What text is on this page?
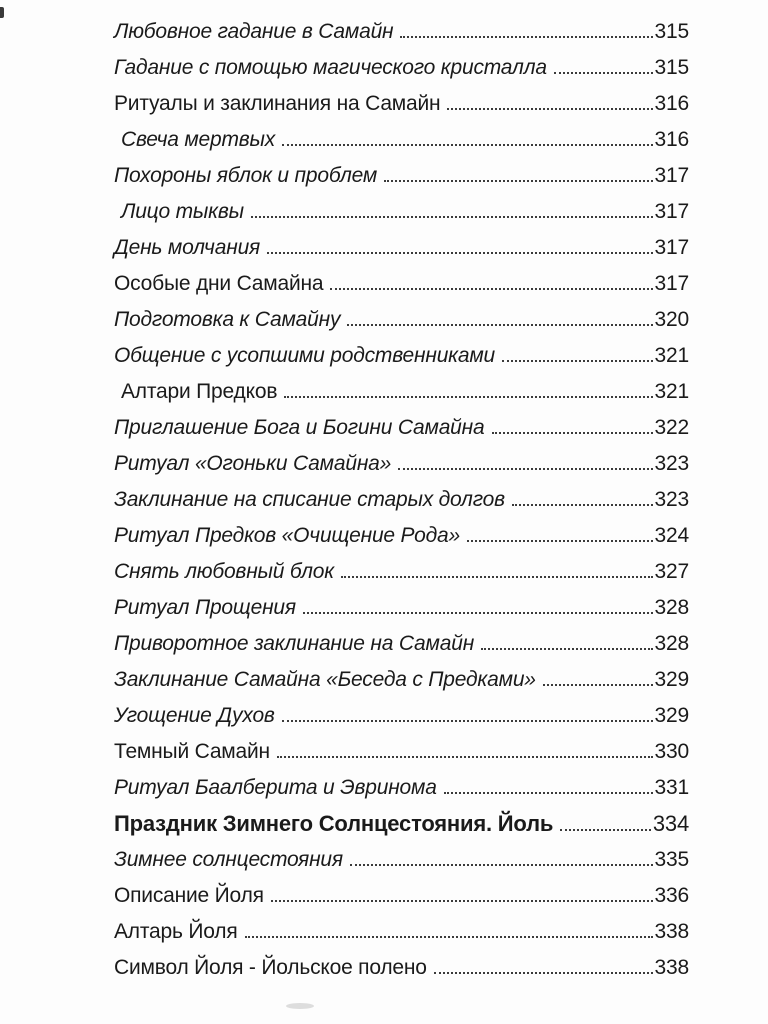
Любовное гадание в Самайн	315
Гадание с помощью магического кристалла	315
Ритуалы и заклинания на Самайн	316
Свеча мертвых	316
Похороны яблок и проблем	317
Лицо тыквы	317
День молчания	317
Особые дни Самайна	317
Подготовка к Самайну	320
Общение с усопшими родственниками	321
Алтари Предков	321
Приглашение Бога и Богини Самайна	322
Ритуал «Огоньки Самайна»	323
Заклинание на списание старых долгов	323
Ритуал Предков «Очищение Рода»	324
Снять любовный блок	327
Ритуал Прощения	328
Приворотное заклинание на Самайн	328
Заклинание Самайна «Беседа с Предками»	329
Угощение Духов	329
Темный Самайн	330
Ритуал Баалберита и Эвринома	331
Праздник Зимнего Солнцестояния. Йоль	334
Зимнее солнцестояния	335
Описание Йоля	336
Алтарь Йоля	338
Символ Йоля - Йольское полено	338
